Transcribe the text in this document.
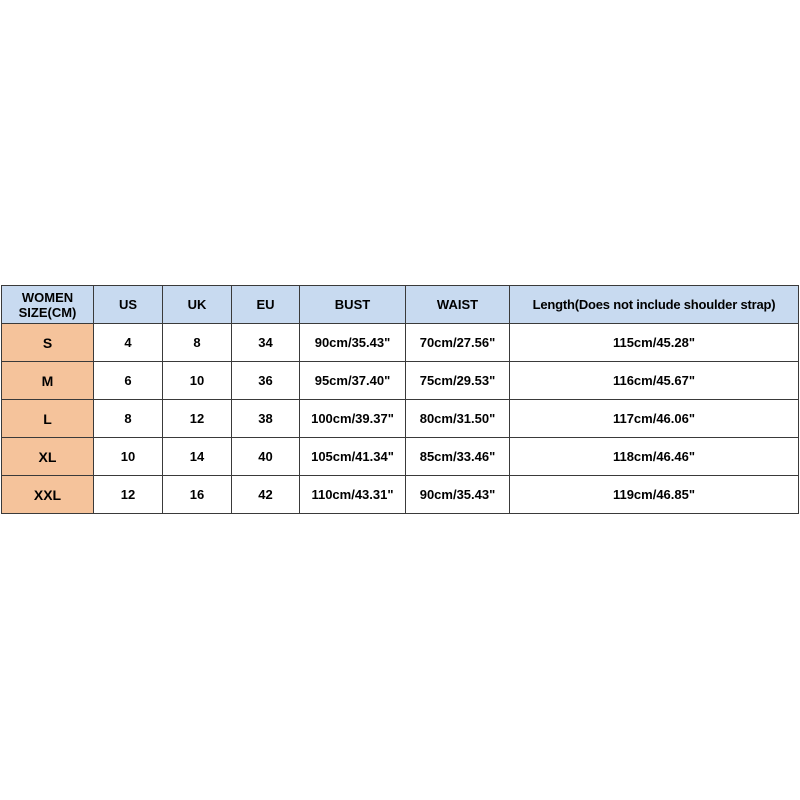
WOMEN SIZE(CM)	US	UK	EU	BUST	WAIST	Length(Does not include shoulder strap)
S	4	8	34	90cm/35.43"	70cm/27.56"	115cm/45.28"
M	6	10	36	95cm/37.40"	75cm/29.53"	116cm/45.67"
L	8	12	38	100cm/39.37"	80cm/31.50"	117cm/46.06"
XL	10	14	40	105cm/41.34"	85cm/33.46"	118cm/46.46"
XXL	12	16	42	110cm/43.31"	90cm/35.43"	119cm/46.85"
